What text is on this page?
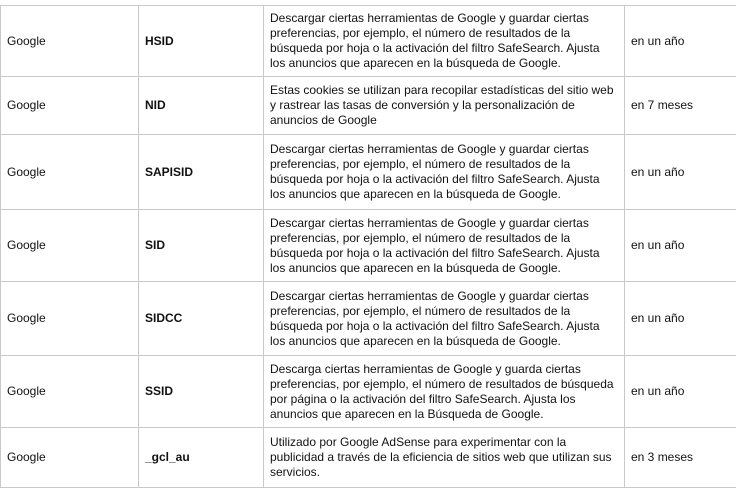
Google	HSID	Descargar ciertas herramientas de Google y guardar ciertas preferencias, por ejemplo, el número de resultados de la búsqueda por hoja o la activación del filtro SafeSearch. Ajusta los anuncios que aparecen en la búsqueda de Google.	en un año
Google	NID	Estas cookies se utilizan para recopilar estadísticas del sitio web y rastrear las tasas de conversión y la personalización de anuncios de Google	en 7 meses
Google	SAPISID	Descargar ciertas herramientas de Google y guardar ciertas preferencias, por ejemplo, el número de resultados de la búsqueda por hoja o la activación del filtro SafeSearch. Ajusta los anuncios que aparecen en la búsqueda de Google.	en un año
Google	SID	Descargar ciertas herramientas de Google y guardar ciertas preferencias, por ejemplo, el número de resultados de la búsqueda por hoja o la activación del filtro SafeSearch. Ajusta los anuncios que aparecen en la búsqueda de Google.	en un año
Google	SIDCC	Descargar ciertas herramientas de Google y guardar ciertas preferencias, por ejemplo, el número de resultados de la búsqueda por hoja o la activación del filtro SafeSearch. Ajusta los anuncios que aparecen en la búsqueda de Google.	en un año
Google	SSID	Descarga ciertas herramientas de Google y guarda ciertas preferencias, por ejemplo, el número de resultados de búsqueda por página o la activación del filtro SafeSearch. Ajusta los anuncios que aparecen en la Búsqueda de Google.	en un año
Google	_gcl_au	Utilizado por Google AdSense para experimentar con la publicidad a través de la eficiencia de sitios web que utilizan sus servicios.	en 3 meses
